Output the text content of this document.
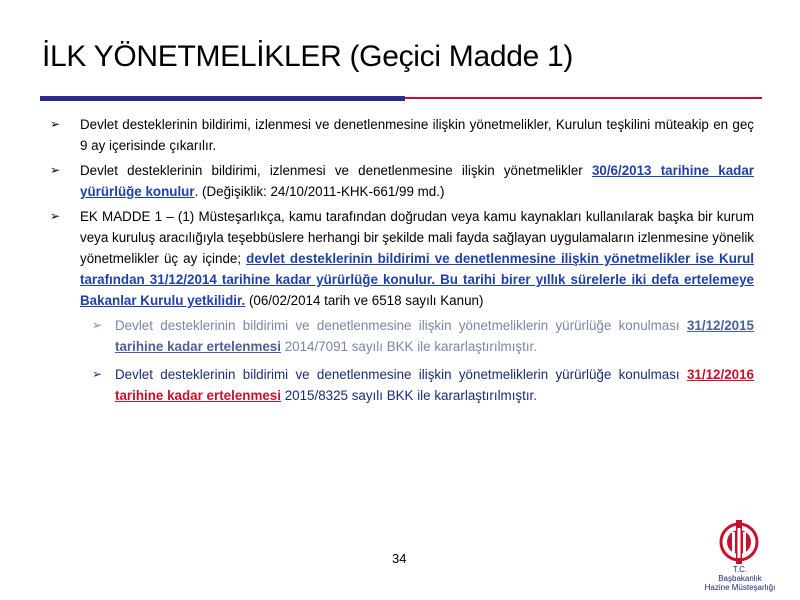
İLK YÖNETMELİKLER (Geçici Madde 1)
➢ Devlet desteklerinin bildirimi, izlenmesi ve denetlenmesine ilişkin yönetmelikler, Kurulun teşkilini müteakip en geç 9 ay içerisinde çıkarılır.
➢ Devlet desteklerinin bildirimi, izlenmesi ve denetlenmesine ilişkin yönetmelikler 30/6/2013 tarihine kadar yürürlüğe konulur. (Değişiklik: 24/10/2011-KHK-661/99 md.)
➢ EK MADDE 1 – (1) Müsteşarlıkça, kamu tarafından doğrudan veya kamu kaynakları kullanılarak başka bir kurum veya kuruluş aracılığıyla teşebbüslere herhangi bir şekilde mali fayda sağlayan uygulamaların izlenmesine yönelik yönetmelikler üç ay içinde; devlet desteklerinin bildirimi ve denetlenmesine ilişkin yönetmelikler ise Kurul tarafından 31/12/2014 tarihine kadar yürürlüğe konulur. Bu tarihi birer yıllık sürelerle iki defa ertelemeye Bakanlar Kurulu yetkilidir. (06/02/2014 tarih ve 6518 sayılı Kanun)
➢ Devlet desteklerinin bildirimi ve denetlenmesine ilişkin yönetmeliklerin yürürlüğe konulması 31/12/2015 tarihine kadar ertelenmesi 2014/7091 sayılı BKK ile kararlaştırılmıştır.
➢ Devlet desteklerinin bildirimi ve denetlenmesine ilişkin yönetmeliklerin yürürlüğe konulması 31/12/2016 tarihine kadar ertelenmesi 2015/8325 sayılı BKK ile kararlaştırılmıştır.
34
T.C.
Başbakanlık
Hazine Müsteşarlığı
